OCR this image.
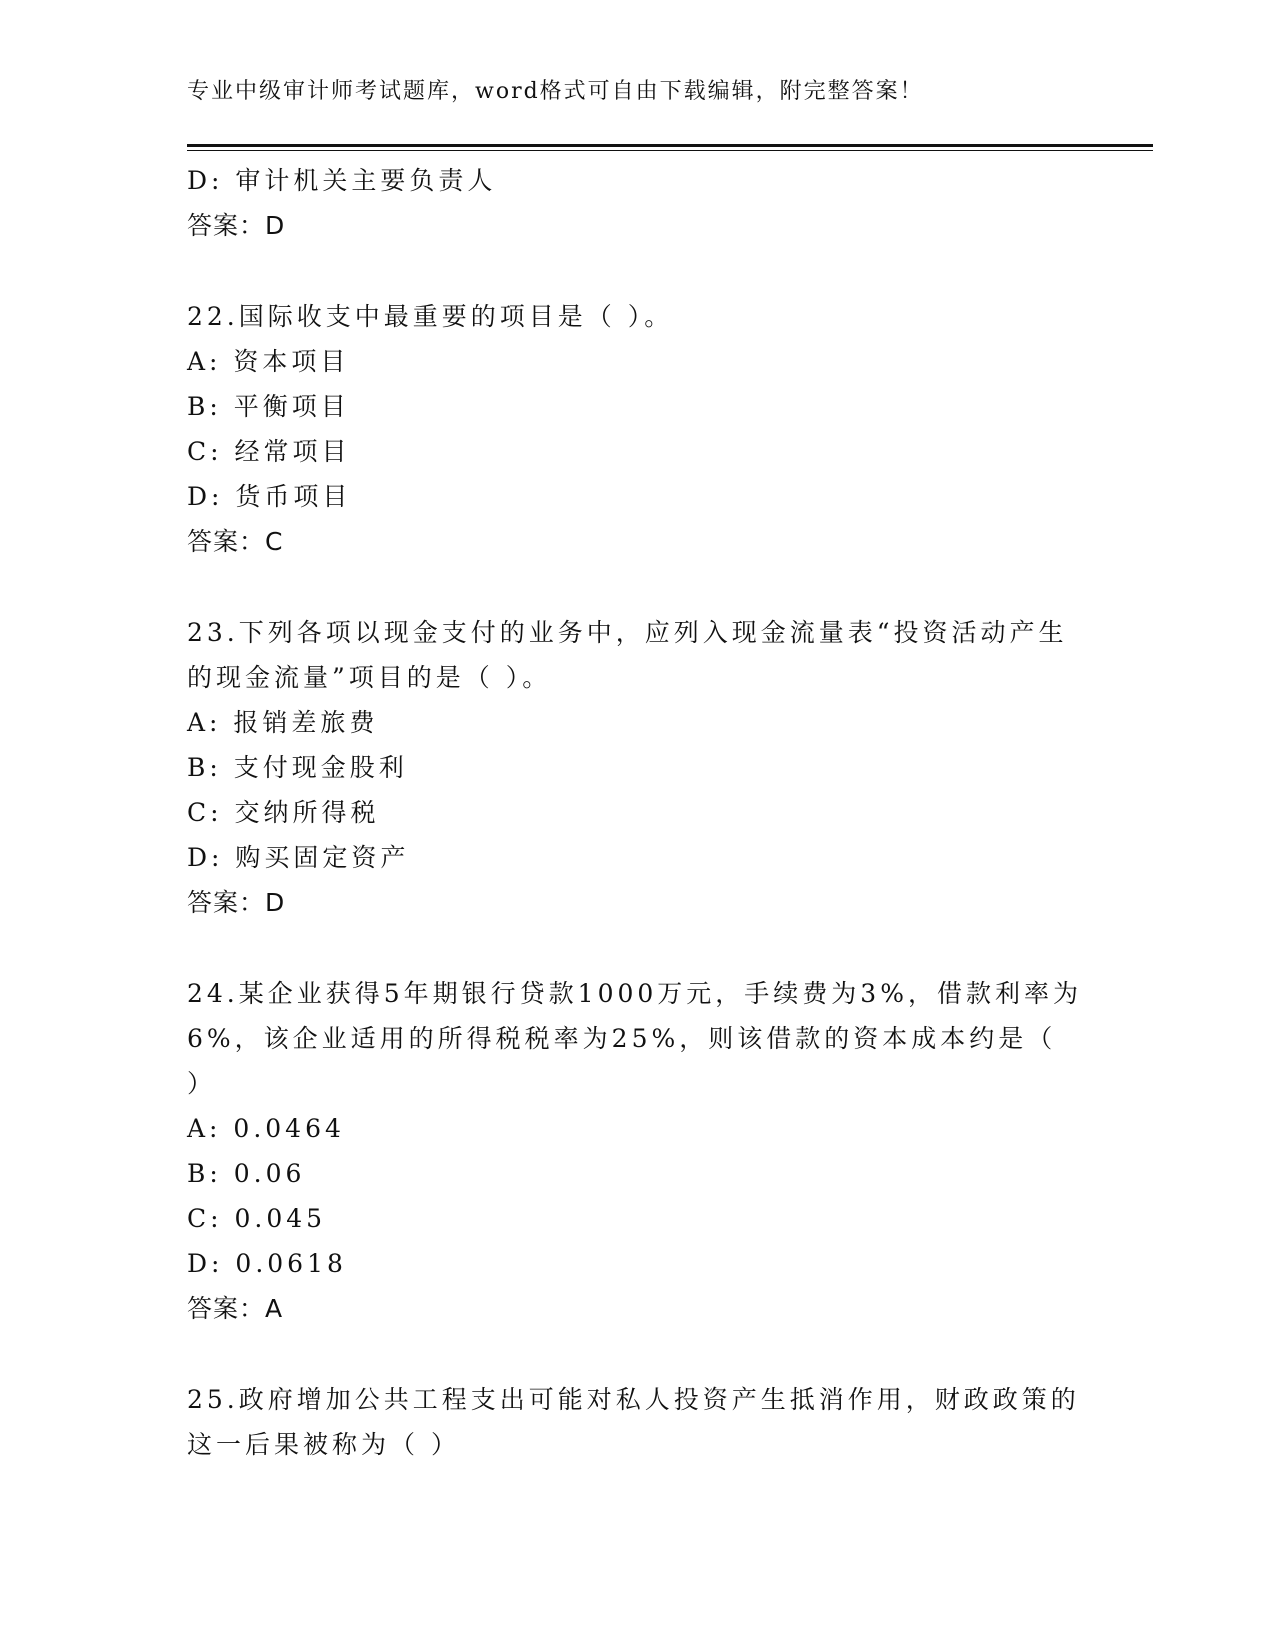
专业中级审计师考试题库，word格式可自由下载编辑，附完整答案！
D: 审计机关主要负责人
答案：D
22.国际收支中最重要的项目是（ ）。
A: 资本项目
B: 平衡项目
C: 经常项目
D: 货币项目
答案：C
23.下列各项以现金支付的业务中，应列入现金流量表“投资活动产生
的现金流量”项目的是（ ）。
A: 报销差旅费
B: 支付现金股利
C: 交纳所得税
D: 购买固定资产
答案：D
24.某企业获得5年期银行贷款1000万元，手续费为3%，借款利率为
6%，该企业适用的所得税税率为25%，则该借款的资本成本约是（
）
A: 0.0464
B: 0.06
C: 0.045
D: 0.0618
答案：A
25.政府增加公共工程支出可能对私人投资产生抵消作用，财政政策的
这一后果被称为（ ）
